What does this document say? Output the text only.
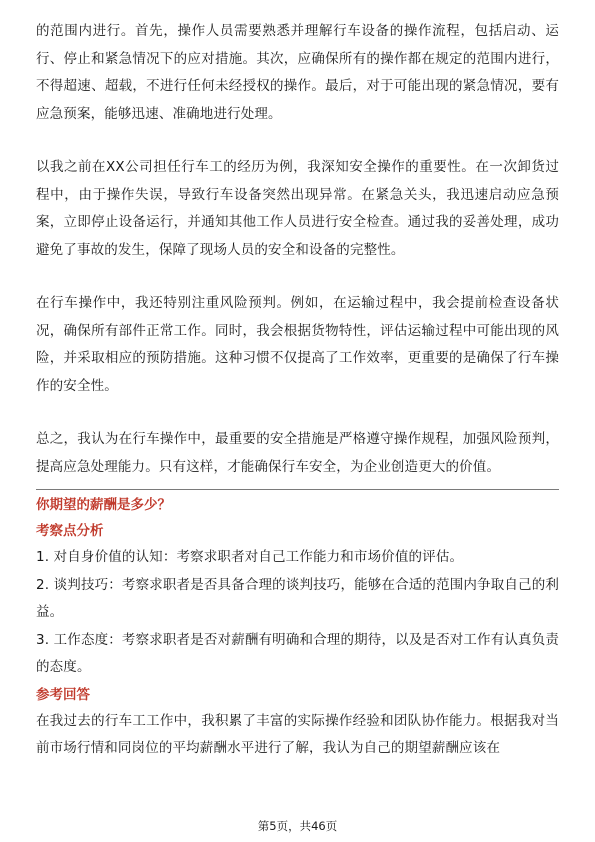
的范围内进行。首先，操作人员需要熟悉并理解行车设备的操作流程，包括启动、运行、停止和紧急情况下的应对措施。其次，应确保所有的操作都在规定的范围内进行，不得超速、超载，不进行任何未经授权的操作。最后，对于可能出现的紧急情况，要有应急预案，能够迅速、准确地进行处理。

以我之前在XX公司担任行车工的经历为例，我深知安全操作的重要性。在一次卸货过程中，由于操作失误，导致行车设备突然出现异常。在紧急关头，我迅速启动应急预案，立即停止设备运行，并通知其他工作人员进行安全检查。通过我的妥善处理，成功避免了事故的发生，保障了现场人员的安全和设备的完整性。

在行车操作中，我还特别注重风险预判。例如，在运输过程中，我会提前检查设备状况，确保所有部件正常工作。同时，我会根据货物特性，评估运输过程中可能出现的风险，并采取相应的预防措施。这种习惯不仅提高了工作效率，更重要的是确保了行车操作的安全性。

总之，我认为在行车操作中，最重要的安全措施是严格遵守操作规程，加强风险预判，提高应急处理能力。只有这样，才能确保行车安全，为企业创造更大的价值。

你期望的薪酬是多少？

考察点分析

1. 对自身价值的认知：考察求职者对自己工作能力和市场价值的评估。

2. 谈判技巧：考察求职者是否具备合理的谈判技巧，能够在合适的范围内争取自己的利益。

3. 工作态度：考察求职者是否对薪酬有明确和合理的期待，以及是否对工作有认真负责的态度。

参考回答

在我过去的行车工工作中，我积累了丰富的实际操作经验和团队协作能力。根据我对当前市场行情和同岗位的平均薪酬水平进行了解，我认为自己的期望薪酬应该在

第5页，共46页
